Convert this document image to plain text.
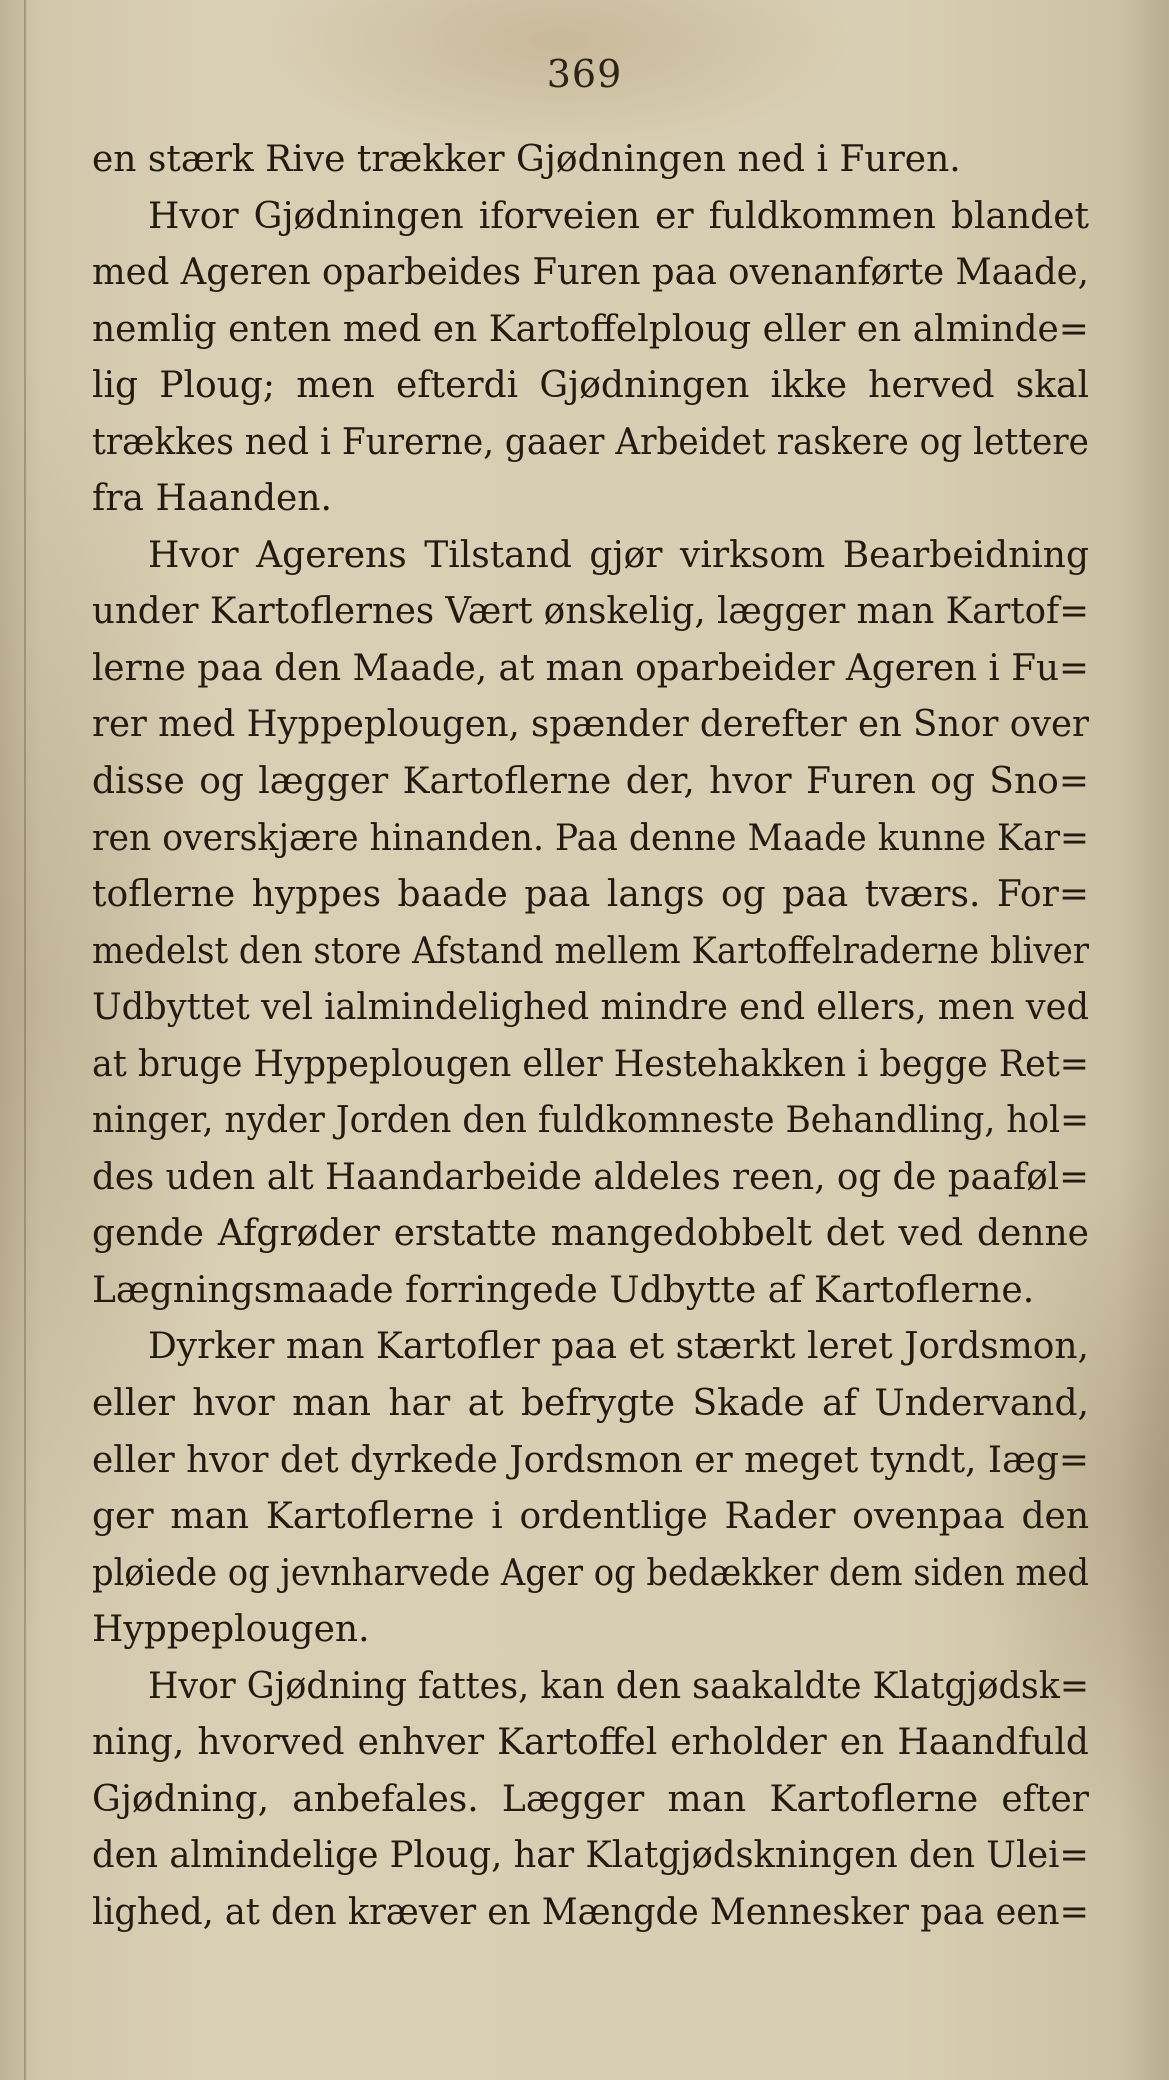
369
en stærk Rive trækker Gjødningen ned i Furen.
Hvor Gjødningen iforveien er fuldkommen blandet
med Ageren oparbeides Furen paa ovenanførte Maade,
nemlig enten med en Kartoffelploug eller en alminde=
lig Ploug; men efterdi Gjødningen ikke herved skal
trækkes ned i Furerne, gaaer Arbeidet raskere og lettere
fra Haanden.
Hvor Agerens Tilstand gjør virksom Bearbeidning
under Kartoflernes Vært ønskelig, lægger man Kartof=
lerne paa den Maade, at man oparbeider Ageren i Fu=
rer med Hyppeplougen, spænder derefter en Snor over
disse og lægger Kartoflerne der, hvor Furen og Sno=
ren overskjære hinanden. Paa denne Maade kunne Kar=
toflerne hyppes baade paa langs og paa tværs. For=
medelst den store Afstand mellem Kartoffelraderne bliver
Udbyttet vel ialmindelighed mindre end ellers, men ved
at bruge Hyppeplougen eller Hestehakken i begge Ret=
ninger, nyder Jorden den fuldkomneste Behandling, hol=
des uden alt Haandarbeide aldeles reen, og de paaføl=
gende Afgrøder erstatte mangedobbelt det ved denne
Lægningsmaade forringede Udbytte af Kartoflerne.
Dyrker man Kartofler paa et stærkt leret Jordsmon,
eller hvor man har at befrygte Skade af Undervand,
eller hvor det dyrkede Jordsmon er meget tyndt, Iæg=
ger man Kartoflerne i ordentlige Rader ovenpaa den
pløiede og jevnharvede Ager og bedækker dem siden med
Hyppeplougen.
Hvor Gjødning fattes, kan den saakaldte Klatgjødsk=
ning, hvorved enhver Kartoffel erholder en Haandfuld
Gjødning, anbefales. Lægger man Kartoflerne efter
den almindelige Ploug, har Klatgjødskningen den Ulei=
lighed, at den kræver en Mængde Mennesker paa een=
